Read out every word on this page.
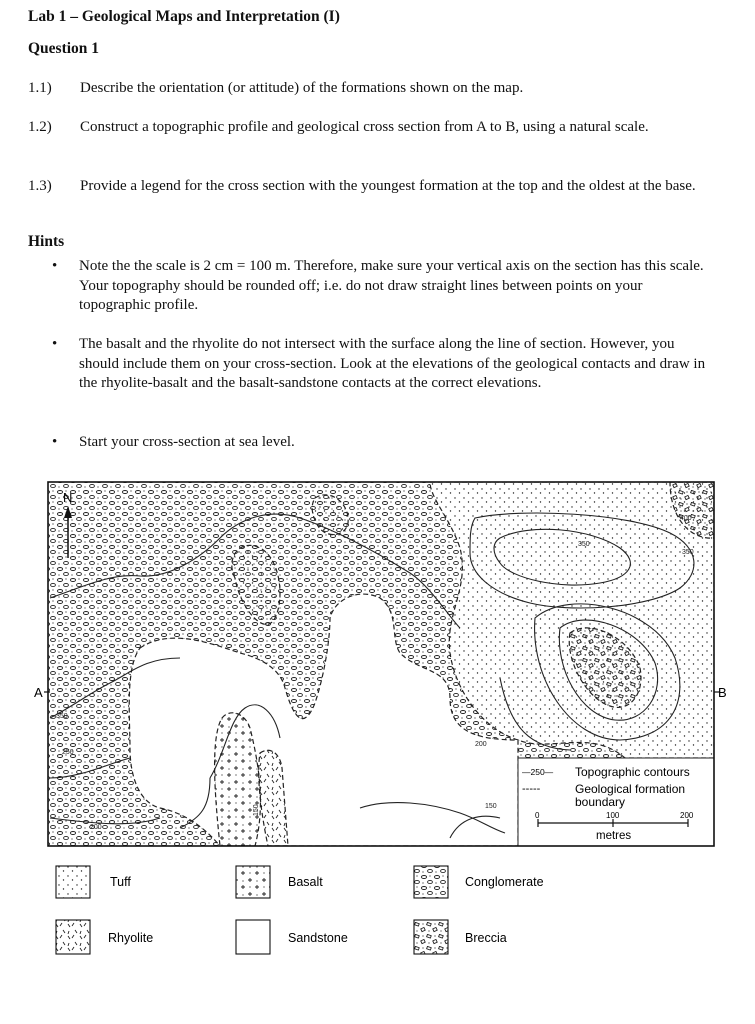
Lab 1 – Geological Maps and Interpretation (I)
Question 1
1.1) Describe the orientation (or attitude) of the formations shown on the map.
1.2) Construct a topographic profile and geological cross section from A to B, using a natural scale.
1.3) Provide a legend for the cross section with the youngest formation at the top and the oldest at the base.
Hints
• Note the the scale is 2 cm = 100 m. Therefore, make sure your vertical axis on the section has this scale. Your topography should be rounded off; i.e. do not draw straight lines between points on your topographic profile.
• The basalt and the rhyolite do not intersect with the surface along the line of section. However, you should include them on your cross-section. Look at the elevations of the geological contacts and draw in the rhyolite-basalt and the basalt-sandstone contacts at the correct elevations.
• Start your cross-section at sea level.
N
A	B
350
400
350
350
250
200
150
200
150
—250— Topographic contours
-----	Geological formation
boundary
0	100	200
metres
Tuff	Basalt	Conglomerate
Rhyolite	Sandstone	Breccia
